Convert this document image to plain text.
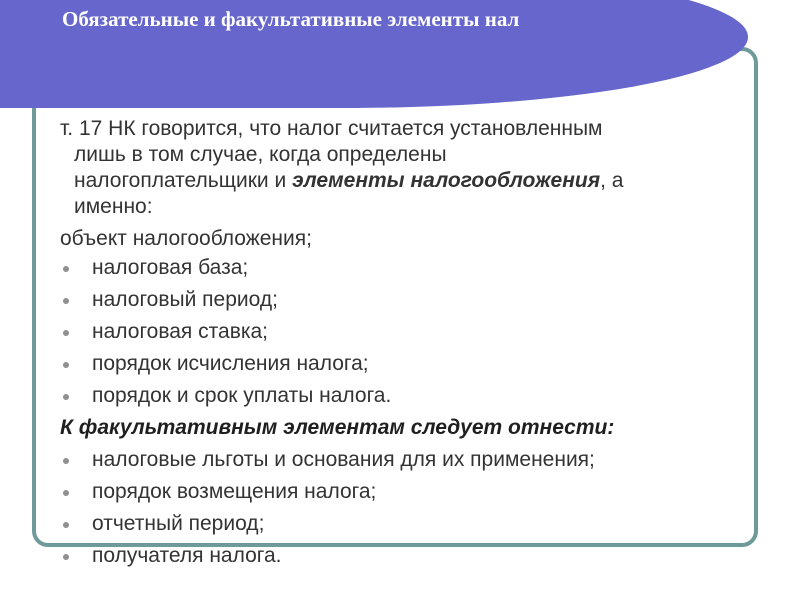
Обязательные и факультативные элементы нал
т. 17 НК говорится, что налог считается установленным
лишь в том случае, когда определены
налогоплательщики и элементы налогообложения, а
именно:
объект налогообложения;
налоговая база;
налоговый период;
налоговая ставка;
порядок исчисления налога;
порядок и срок уплаты налога.
К факультативным элементам следует отнести:
налоговые льготы и основания для их применения;
порядок возмещения налога;
отчетный период;
получателя налога.
